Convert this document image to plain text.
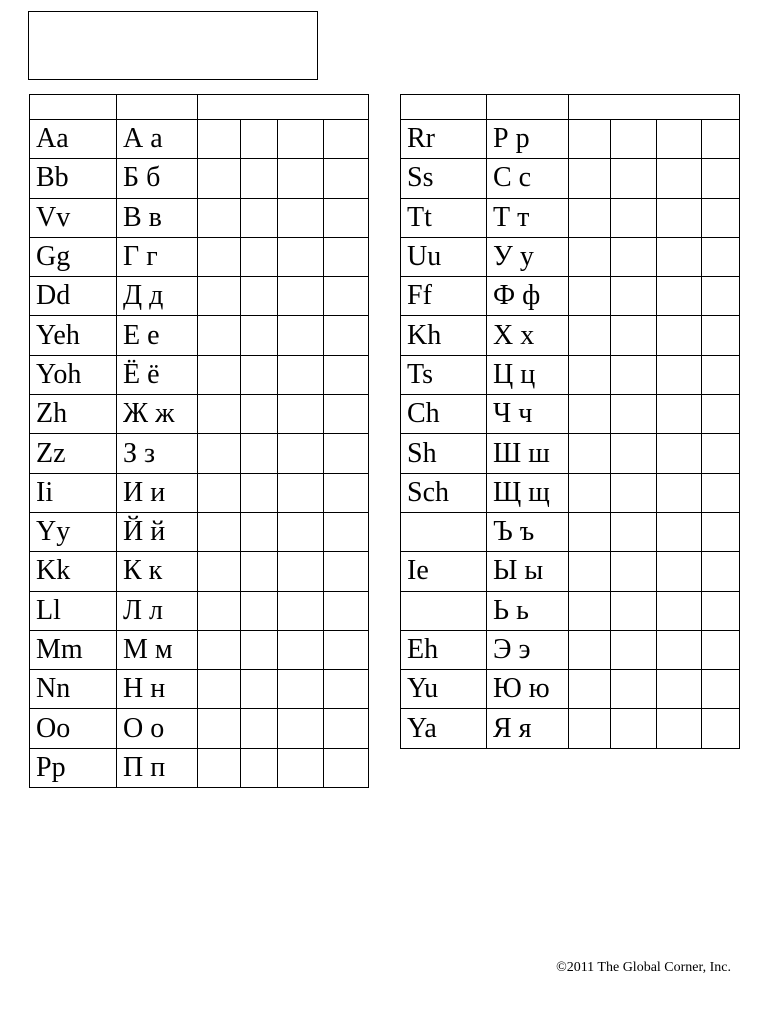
Aa	А а				
Bb	Б б				
Vv	В в				
Gg	Г г				
Dd	Д д				
Yeh	Е е				
Yoh	Ё ё				
Zh	Ж ж				
Zz	З з				
Ii	И и				
Yy	Й й				
Kk	К к				
Ll	Л л				
Mm	М м				
Nn	Н н				
Oo	О о				
Pp	П п				

Rr	Р р				
Ss	С с				
Tt	Т т				
Uu	У у				
Ff	Ф ф				
Kh	Х х				
Ts	Ц ц				
Ch	Ч ч				
Sh	Ш ш				
Sch	Щ щ				
	Ъ ъ				
Ie	Ы ы				
	Ь ь				
Eh	Э э				
Yu	Ю ю				
Ya	Я я				
©2011 The Global Corner, Inc.
